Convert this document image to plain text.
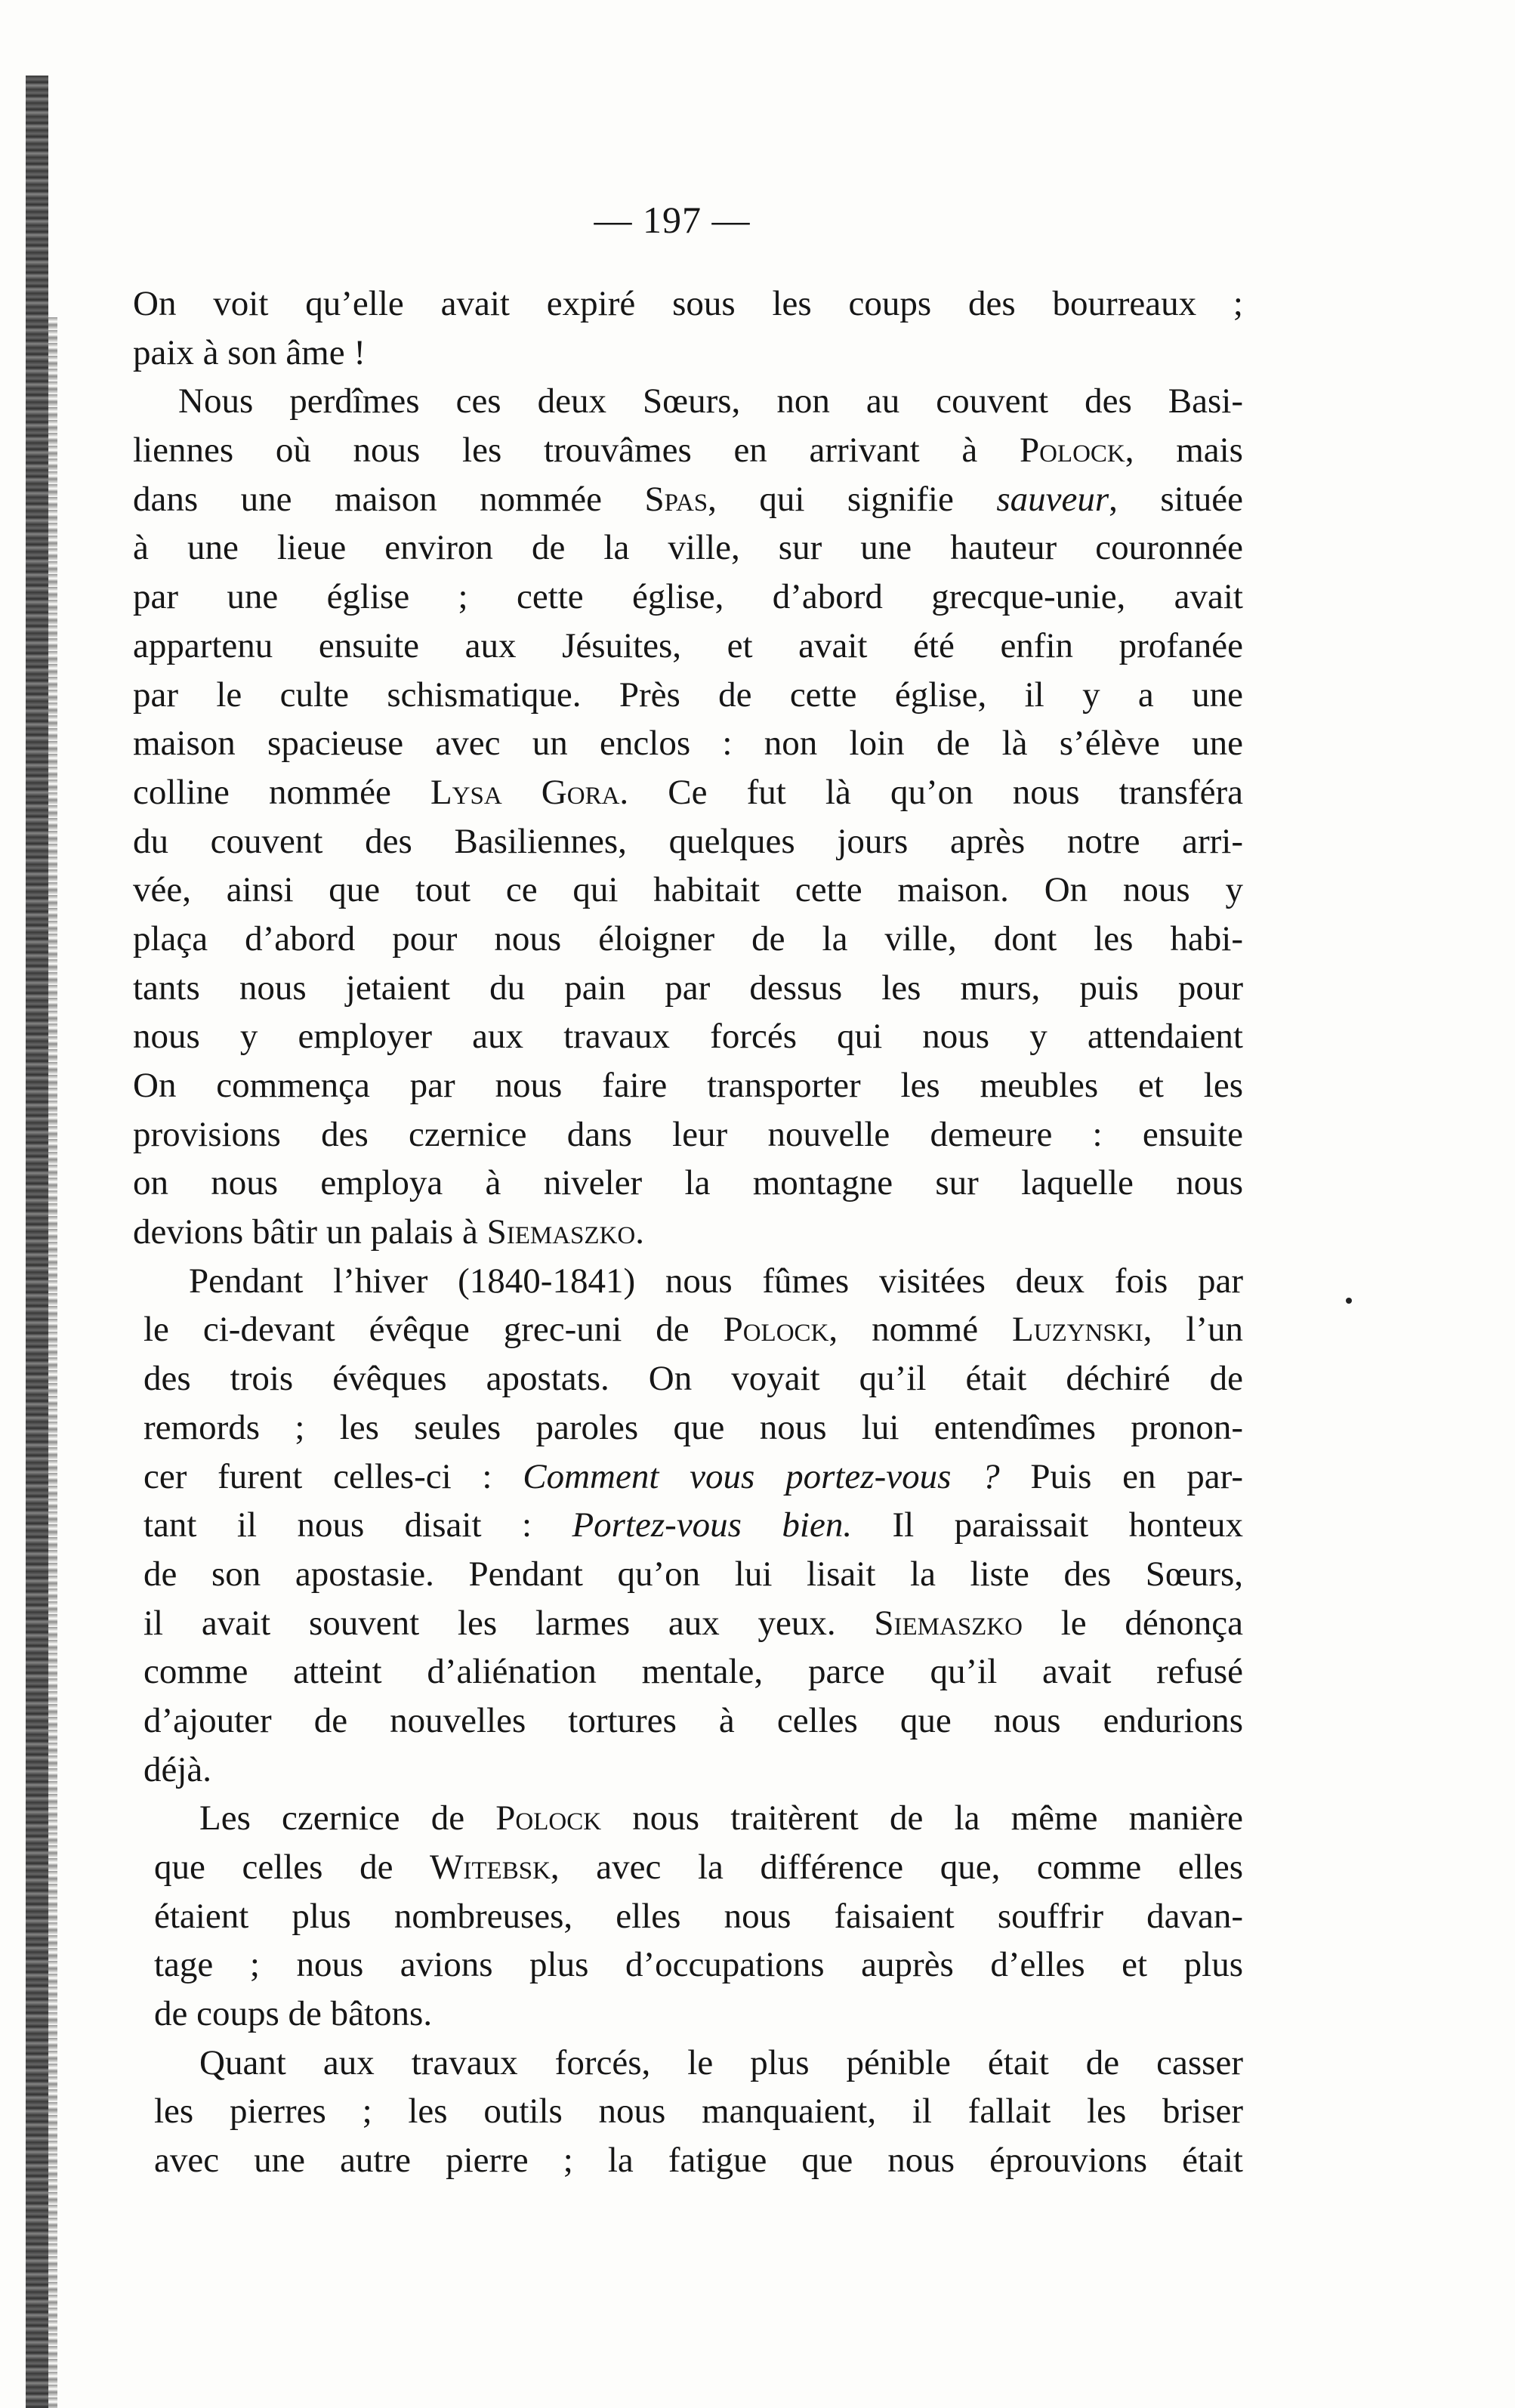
— 197 —
On voit qu’elle avait expiré sous les coups des bourreaux ;
paix à son âme !
Nous perdîmes ces deux Sœurs, non au couvent des Basi-
liennes où nous les trouvâmes en arrivant à Polock, mais
dans une maison nommée Spas, qui signifie sauveur, située
à une lieue environ de la ville, sur une hauteur couronnée
par une église ; cette église, d’abord grecque-unie, avait
appartenu ensuite aux Jésuites, et avait été enfin profanée
par le culte schismatique. Près de cette église, il y a une
maison spacieuse avec un enclos : non loin de là s’élève une
colline nommée Lysa Gora. Ce fut là qu’on nous transféra
du couvent des Basiliennes, quelques jours après notre arri-
vée, ainsi que tout ce qui habitait cette maison. On nous y
plaça d’abord pour nous éloigner de la ville, dont les habi-
tants nous jetaient du pain par dessus les murs, puis pour
nous y employer aux travaux forcés qui nous y attendaient
On commença par nous faire transporter les meubles et les
provisions des czernice dans leur nouvelle demeure : ensuite
on nous employa à niveler la montagne sur laquelle nous
devions bâtir un palais à Siemaszko.
Pendant l’hiver (1840-1841) nous fûmes visitées deux fois par
le ci-devant évêque grec-uni de Polock, nommé Luzynski, l’un
des trois évêques apostats. On voyait qu’il était déchiré de
remords ; les seules paroles que nous lui entendîmes pronon-
cer furent celles-ci : Comment vous portez-vous ? Puis en par-
tant il nous disait : Portez-vous bien. Il paraissait honteux
de son apostasie. Pendant qu’on lui lisait la liste des Sœurs,
il avait souvent les larmes aux yeux. Siemaszko le dénonça
comme atteint d’aliénation mentale, parce qu’il avait refusé
d’ajouter de nouvelles tortures à celles que nous endurions
déjà.
Les czernice de Polock nous traitèrent de la même manière
que celles de Witebsk, avec la différence que, comme elles
étaient plus nombreuses, elles nous faisaient souffrir davan-
tage ; nous avions plus d’occupations auprès d’elles et plus
de coups de bâtons.
Quant aux travaux forcés, le plus pénible était de casser
les pierres ; les outils nous manquaient, il fallait les briser
avec une autre pierre ; la fatigue que nous éprouvions était
